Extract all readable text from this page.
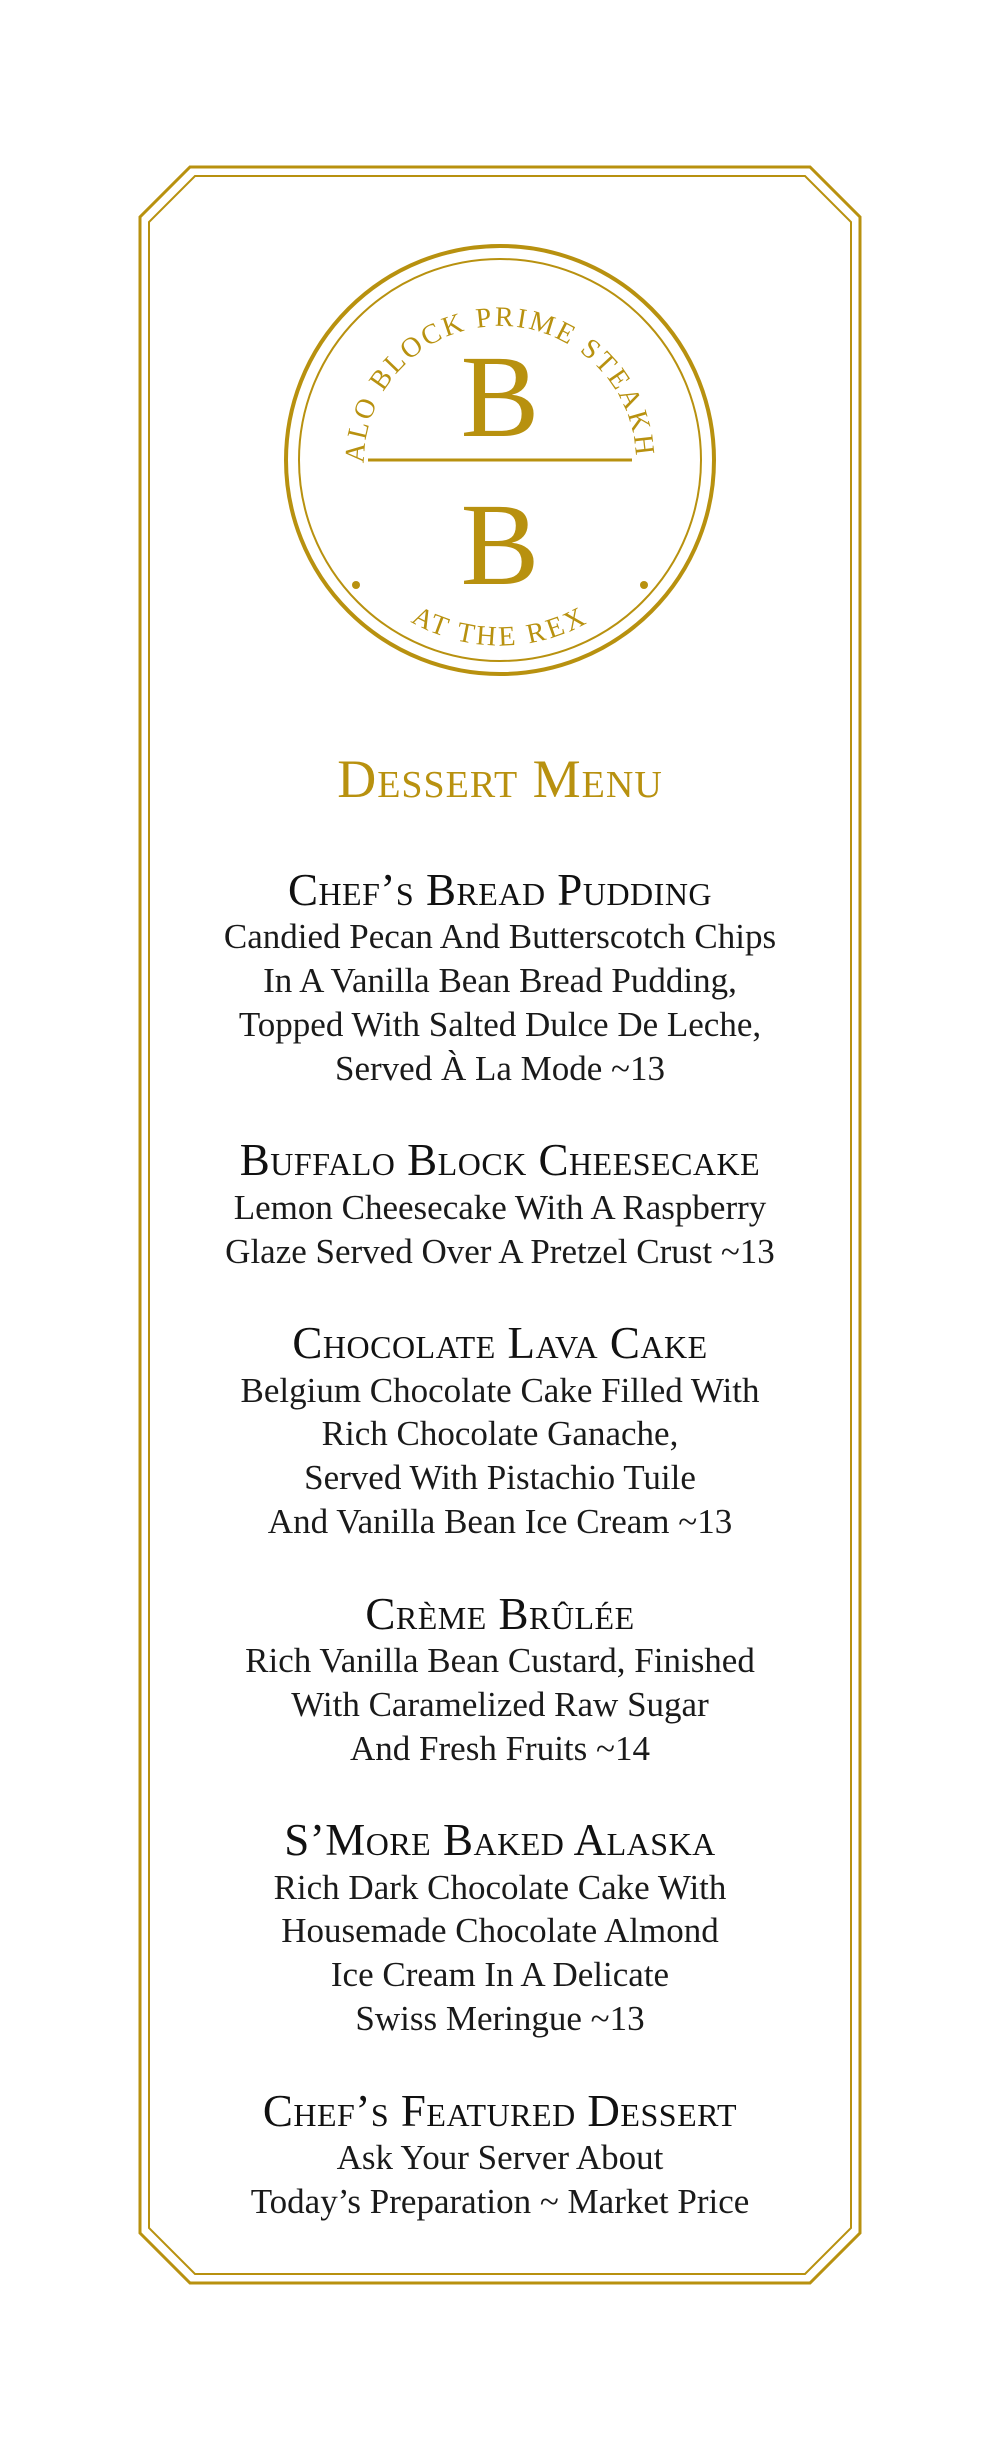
ALO BLOCK PRIME STEAKH
AT THE REX
B
B
Dessert Menu
Chef’s Bread Pudding
Candied Pecan And Butterscotch Chips
In A Vanilla Bean Bread Pudding,
Topped With Salted Dulce De Leche,
Served À La Mode ~13
Buffalo Block Cheesecake
Lemon Cheesecake With A Raspberry
Glaze Served Over A Pretzel Crust ~13
Chocolate Lava Cake
Belgium Chocolate Cake Filled With
Rich Chocolate Ganache,
Served With Pistachio Tuile
And Vanilla Bean Ice Cream ~13
Crème Brûlée
Rich Vanilla Bean Custard, Finished
With Caramelized Raw Sugar
And Fresh Fruits ~14
S’More Baked Alaska
Rich Dark Chocolate Cake With
Housemade Chocolate Almond
Ice Cream In A Delicate
Swiss Meringue ~13
Chef’s Featured Dessert
Ask Your Server About
Today’s Preparation ~ Market Price
